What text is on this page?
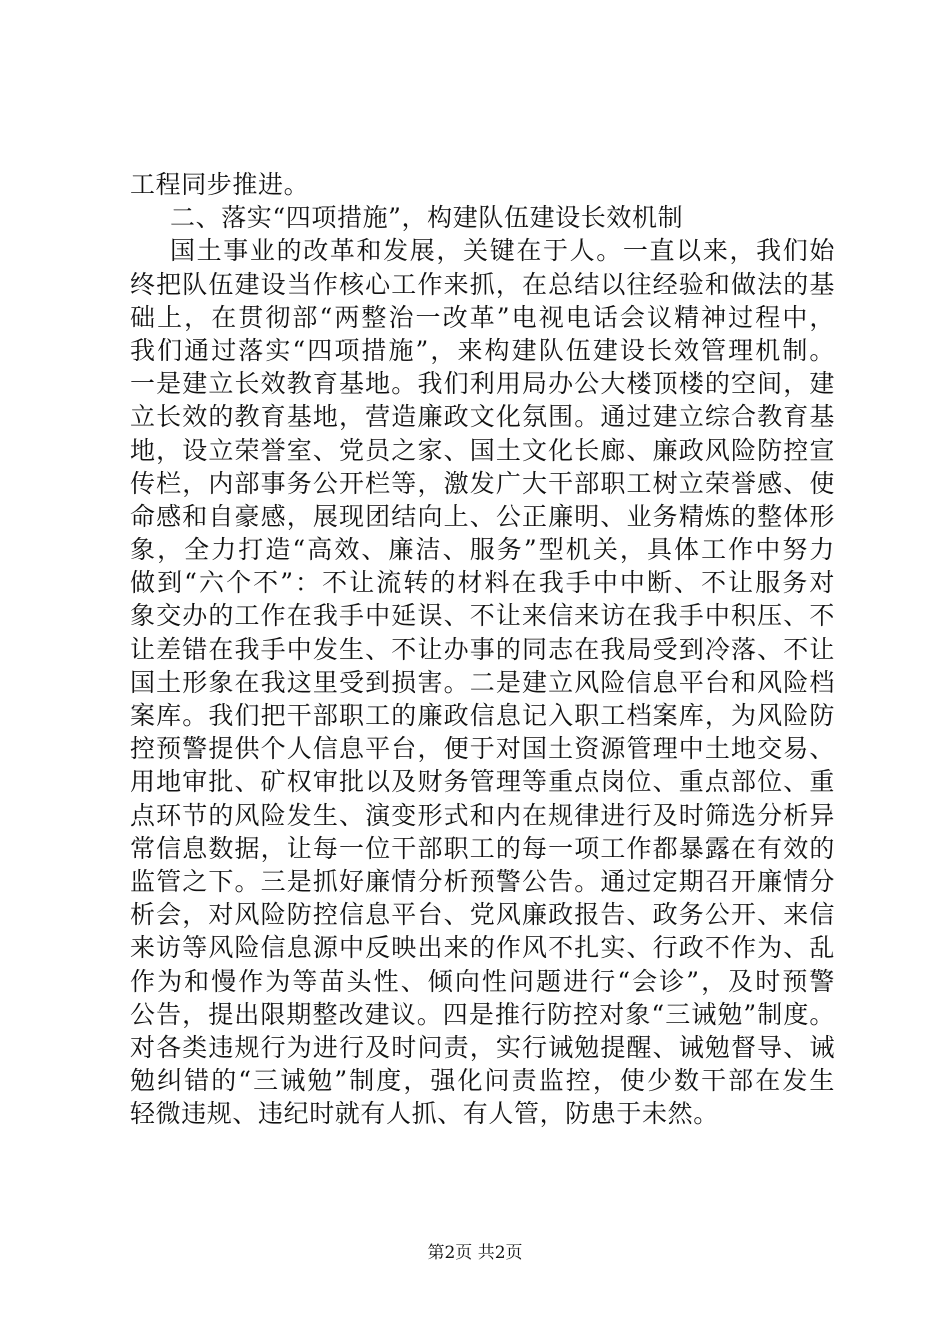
工程同步推进。
二、落实“四项措施”，构建队伍建设长效机制
国土事业的改革和发展，关键在于人。一直以来，我们始
终把队伍建设当作核心工作来抓，在总结以往经验和做法的基
础上，在贯彻部“两整治一改革”电视电话会议精神过程中，
我们通过落实“四项措施”，来构建队伍建设长效管理机制。
一是建立长效教育基地。我们利用局办公大楼顶楼的空间，建
立长效的教育基地，营造廉政文化氛围。通过建立综合教育基
地，设立荣誉室、党员之家、国土文化长廊、廉政风险防控宣
传栏，内部事务公开栏等，激发广大干部职工树立荣誉感、使
命感和自豪感，展现团结向上、公正廉明、业务精炼的整体形
象，全力打造“高效、廉洁、服务”型机关，具体工作中努力
做到“六个不”：不让流转的材料在我手中中断、不让服务对
象交办的工作在我手中延误、不让来信来访在我手中积压、不
让差错在我手中发生、不让办事的同志在我局受到冷落、不让
国土形象在我这里受到损害。二是建立风险信息平台和风险档
案库。我们把干部职工的廉政信息记入职工档案库，为风险防
控预警提供个人信息平台，便于对国土资源管理中土地交易、
用地审批、矿权审批以及财务管理等重点岗位、重点部位、重
点环节的风险发生、演变形式和内在规律进行及时筛选分析异
常信息数据，让每一位干部职工的每一项工作都暴露在有效的
监管之下。三是抓好廉情分析预警公告。通过定期召开廉情分
析会，对风险防控信息平台、党风廉政报告、政务公开、来信
来访等风险信息源中反映出来的作风不扎实、行政不作为、乱
作为和慢作为等苗头性、倾向性问题进行“会诊”，及时预警
公告，提出限期整改建议。四是推行防控对象“三诫勉”制度。
对各类违规行为进行及时问责，实行诫勉提醒、诫勉督导、诫
勉纠错的“三诫勉”制度，强化问责监控，使少数干部在发生
轻微违规、违纪时就有人抓、有人管，防患于未然。
第2页 共2页
